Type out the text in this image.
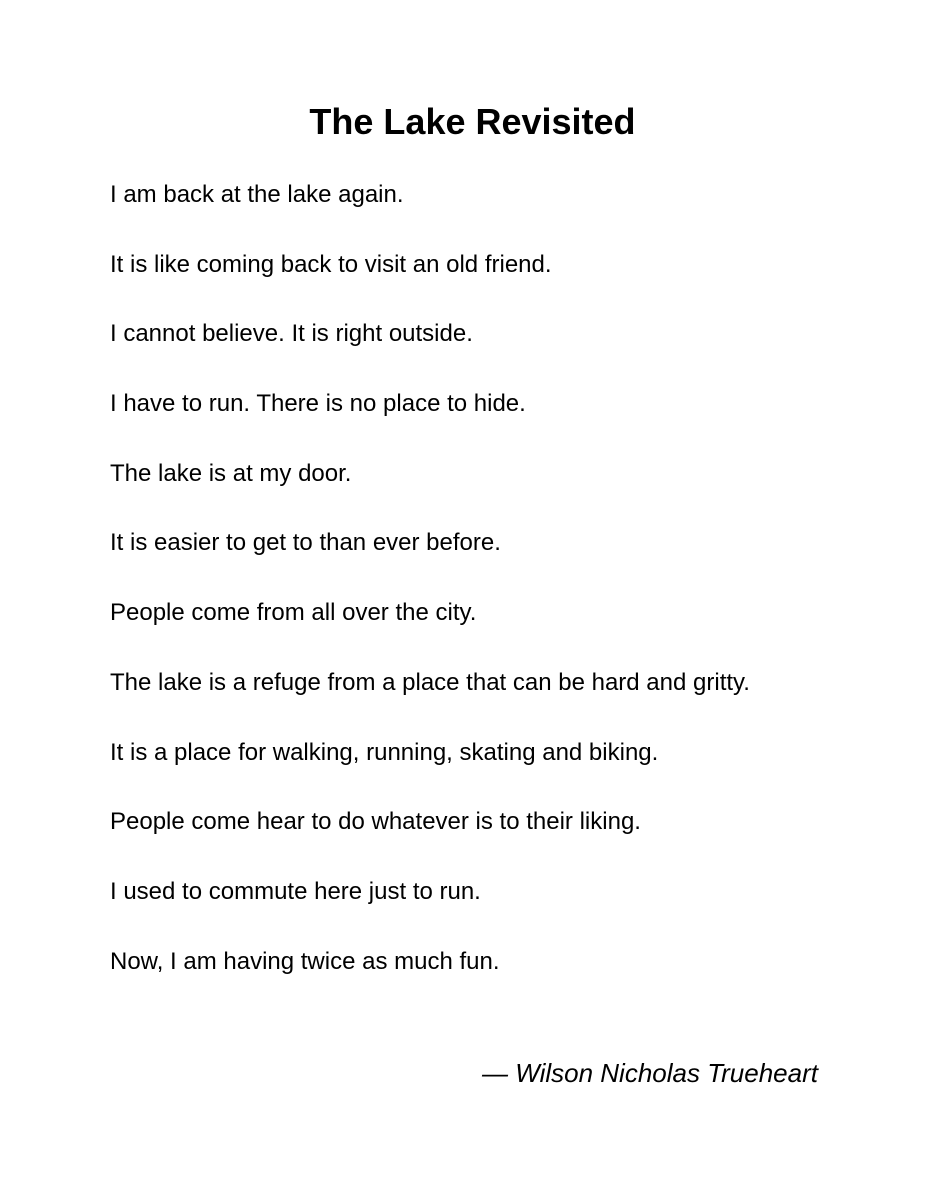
The Lake Revisited
I am back at the lake again.
It is like coming back to visit an old friend.
I cannot believe. It is right outside.
I have to run. There is no place to hide.
The lake is at my door.
It is easier to get to than ever before.
People come from all over the city.
The lake is a refuge from a place that can be hard and gritty.
It is a place for walking, running, skating and biking.
People come hear to do whatever is to their liking.
I used to commute here just to run.
Now, I am having twice as much fun.

— Wilson Nicholas Trueheart
